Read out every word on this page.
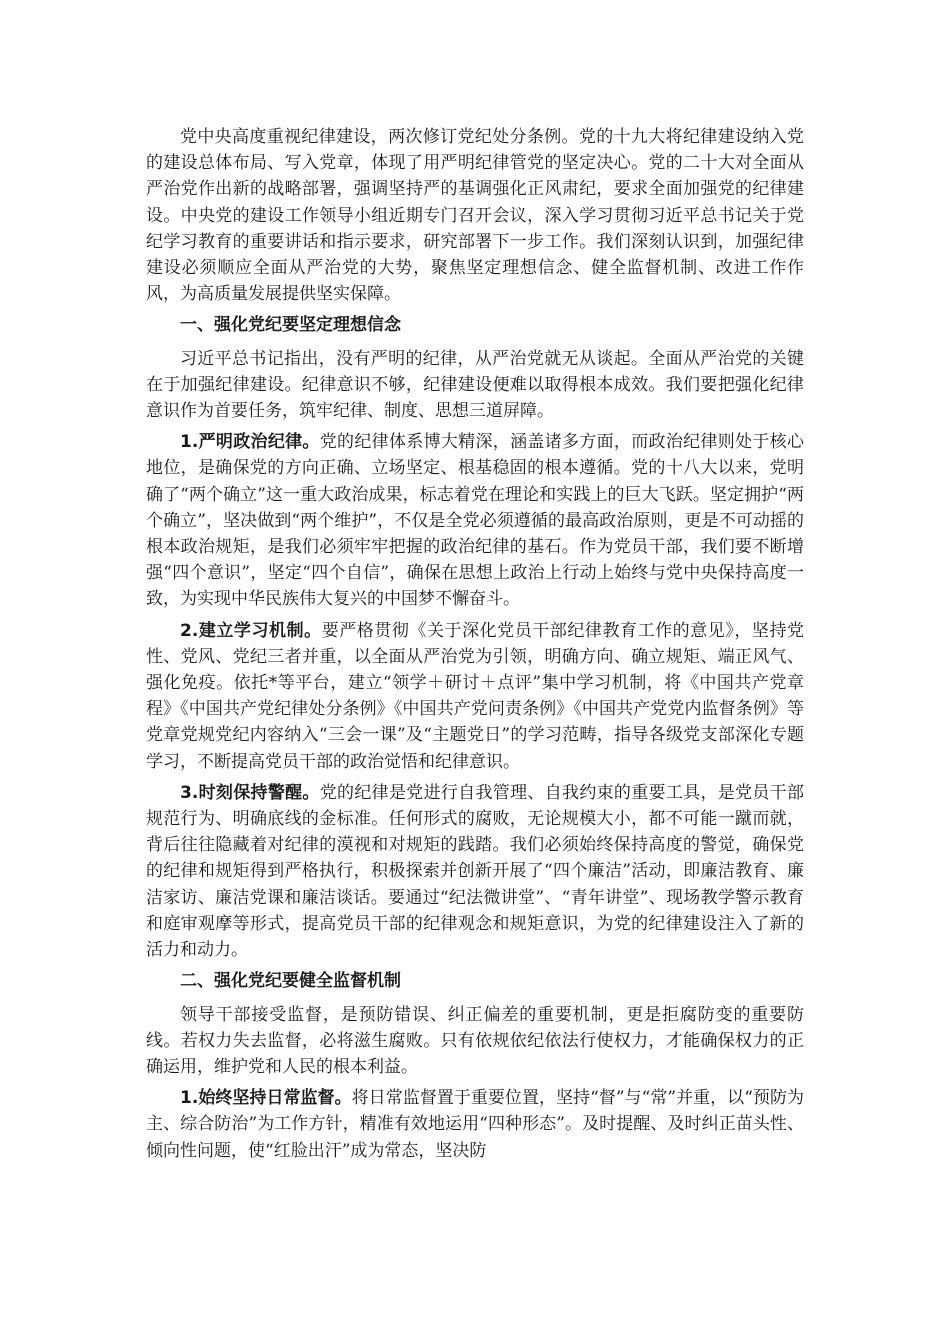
党中央高度重视纪律建设，两次修订党纪处分条例。党的十九大将纪律建设纳入党的建设总体布局、写入党章，体现了用严明纪律管党的坚定决心。党的二十大对全面从严治党作出新的战略部署，强调坚持严的基调强化正风肃纪，要求全面加强党的纪律建设。中央党的建设工作领导小组近期专门召开会议，深入学习贯彻习近平总书记关于党纪学习教育的重要讲话和指示要求，研究部署下一步工作。我们深刻认识到，加强纪律建设必须顺应全面从严治党的大势，聚焦坚定理想信念、健全监督机制、改进工作作风，为高质量发展提供坚实保障。

一、强化党纪要坚定理想信念

习近平总书记指出，没有严明的纪律，从严治党就无从谈起。全面从严治党的关键在于加强纪律建设。纪律意识不够，纪律建设便难以取得根本成效。我们要把强化纪律意识作为首要任务，筑牢纪律、制度、思想三道屏障。

1.严明政治纪律。党的纪律体系博大精深，涵盖诸多方面，而政治纪律则处于核心地位，是确保党的方向正确、立场坚定、根基稳固的根本遵循。党的十八大以来，党明确了“两个确立”这一重大政治成果，标志着党在理论和实践上的巨大飞跃。坚定拥护“两个确立”，坚决做到“两个维护”，不仅是全党必须遵循的最高政治原则，更是不可动摇的根本政治规矩，是我们必须牢牢把握的政治纪律的基石。作为党员干部，我们要不断增强“四个意识”，坚定“四个自信”，确保在思想上政治上行动上始终与党中央保持高度一致，为实现中华民族伟大复兴的中国梦不懈奋斗。

2.建立学习机制。要严格贯彻《关于深化党员干部纪律教育工作的意见》，坚持党性、党风、党纪三者并重，以全面从严治党为引领，明确方向、确立规矩、端正风气、强化免疫。依托*等平台，建立“领学＋研讨＋点评”集中学习机制，将《中国共产党章程》《中国共产党纪律处分条例》《中国共产党问责条例》《中国共产党党内监督条例》等党章党规党纪内容纳入“三会一课”及“主题党日”的学习范畴，指导各级党支部深化专题学习，不断提高党员干部的政治觉悟和纪律意识。

3.时刻保持警醒。党的纪律是党进行自我管理、自我约束的重要工具，是党员干部规范行为、明确底线的金标准。任何形式的腐败，无论规模大小，都不可能一蹴而就，背后往往隐藏着对纪律的漠视和对规矩的践踏。我们必须始终保持高度的警觉，确保党的纪律和规矩得到严格执行，积极探索并创新开展了“四个廉洁”活动，即廉洁教育、廉洁家访、廉洁党课和廉洁谈话。要通过“纪法微讲堂”、“青年讲堂”、现场教学警示教育和庭审观摩等形式，提高党员干部的纪律观念和规矩意识，为党的纪律建设注入了新的活力和动力。

二、强化党纪要健全监督机制

领导干部接受监督，是预防错误、纠正偏差的重要机制，更是拒腐防变的重要防线。若权力失去监督，必将滋生腐败。只有依规依纪依法行使权力，才能确保权力的正确运用，维护党和人民的根本利益。

1.始终坚持日常监督。将日常监督置于重要位置，坚持“督”与“常”并重，以“预防为主、综合防治”为工作方针，精准有效地运用“四种形态”。及时提醒、及时纠正苗头性、倾向性问题，使“红脸出汗”成为常态，坚决防
